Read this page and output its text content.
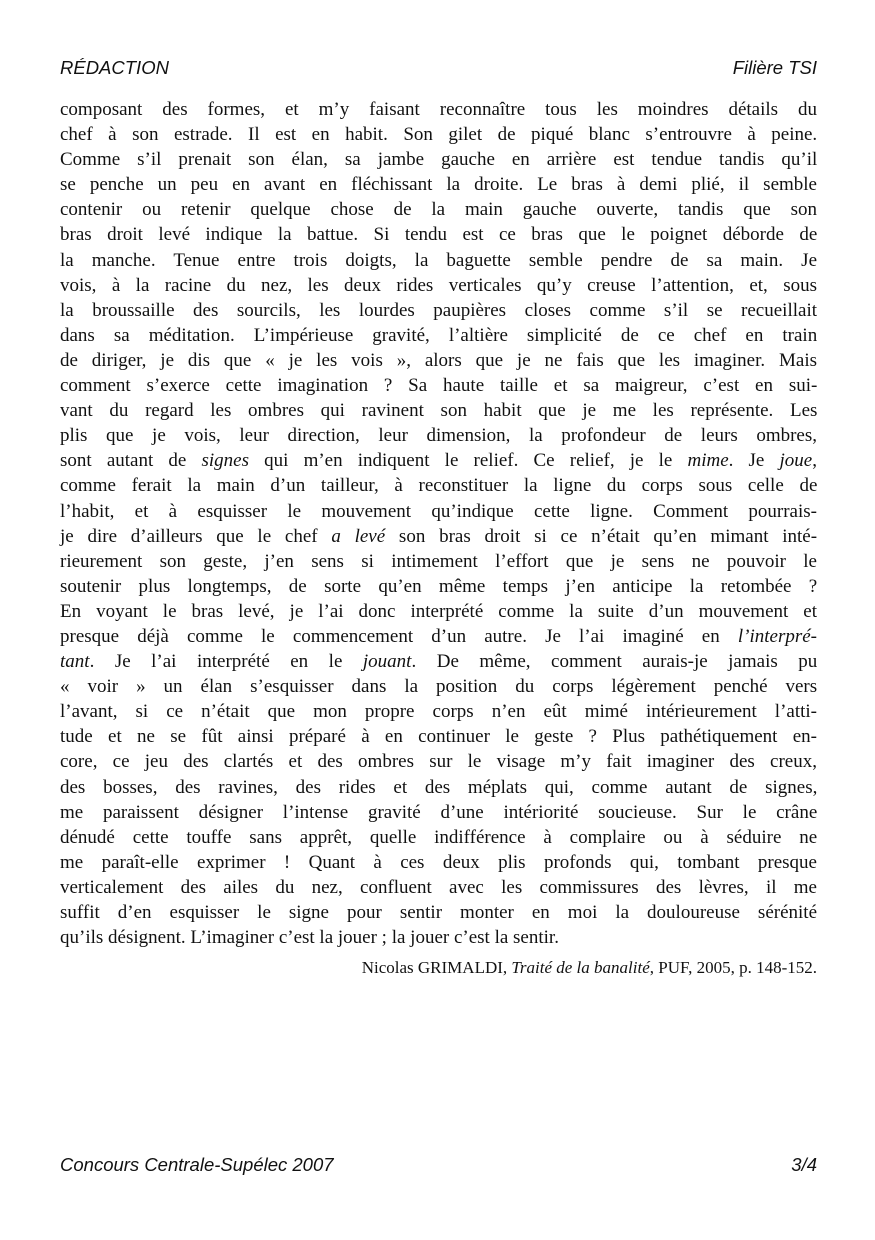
RÉDACTION	Filière TSI
composant des formes, et m’y faisant reconnaître tous les moindres détails du
chef à son estrade. Il est en habit. Son gilet de piqué blanc s’entrouvre à peine.
Comme s’il prenait son élan, sa jambe gauche en arrière est tendue tandis qu’il
se penche un peu en avant en fléchissant la droite. Le bras à demi plié, il semble
contenir ou retenir quelque chose de la main gauche ouverte, tandis que son
bras droit levé indique la battue. Si tendu est ce bras que le poignet déborde de
la manche. Tenue entre trois doigts, la baguette semble pendre de sa main. Je
vois, à la racine du nez, les deux rides verticales qu’y creuse l’attention, et, sous
la broussaille des sourcils, les lourdes paupières closes comme s’il se recueillait
dans sa méditation. L’impérieuse gravité, l’altière simplicité de ce chef en train
de diriger, je dis que « je les vois », alors que je ne fais que les imaginer. Mais
comment s’exerce cette imagination ? Sa haute taille et sa maigreur, c’est en sui-
vant du regard les ombres qui ravinent son habit que je me les représente. Les
plis que je vois, leur direction, leur dimension, la profondeur de leurs ombres,
sont autant de signes qui m’en indiquent le relief. Ce relief, je le mime. Je joue,
comme ferait la main d’un tailleur, à reconstituer la ligne du corps sous celle de
l’habit, et à esquisser le mouvement qu’indique cette ligne. Comment pourrais-
je dire d’ailleurs que le chef a levé son bras droit si ce n’était qu’en mimant inté-
rieurement son geste, j’en sens si intimement l’effort que je sens ne pouvoir le
soutenir plus longtemps, de sorte qu’en même temps j’en anticipe la retombée ?
En voyant le bras levé, je l’ai donc interprété comme la suite d’un mouvement et
presque déjà comme le commencement d’un autre. Je l’ai imaginé en l’interpré-
tant. Je l’ai interprété en le jouant. De même, comment aurais-je jamais pu
« voir » un élan s’esquisser dans la position du corps légèrement penché vers
l’avant, si ce n’était que mon propre corps n’en eût mimé intérieurement l’atti-
tude et ne se fût ainsi préparé à en continuer le geste ? Plus pathétiquement en-
core, ce jeu des clartés et des ombres sur le visage m’y fait imaginer des creux,
des bosses, des ravines, des rides et des méplats qui, comme autant de signes,
me paraissent désigner l’intense gravité d’une intériorité soucieuse. Sur le crâne
dénudé cette touffe sans apprêt, quelle indifférence à complaire ou à séduire ne
me paraît-elle exprimer ! Quant à ces deux plis profonds qui, tombant presque
verticalement des ailes du nez, confluent avec les commissures des lèvres, il me
suffit d’en esquisser le signe pour sentir monter en moi la douloureuse sérénité
qu’ils désignent. L’imaginer c’est la jouer ; la jouer c’est la sentir.
Nicolas GRIMALDI, Traité de la banalité, PUF, 2005, p. 148-152.
Concours Centrale-Supélec 2007	3/4
